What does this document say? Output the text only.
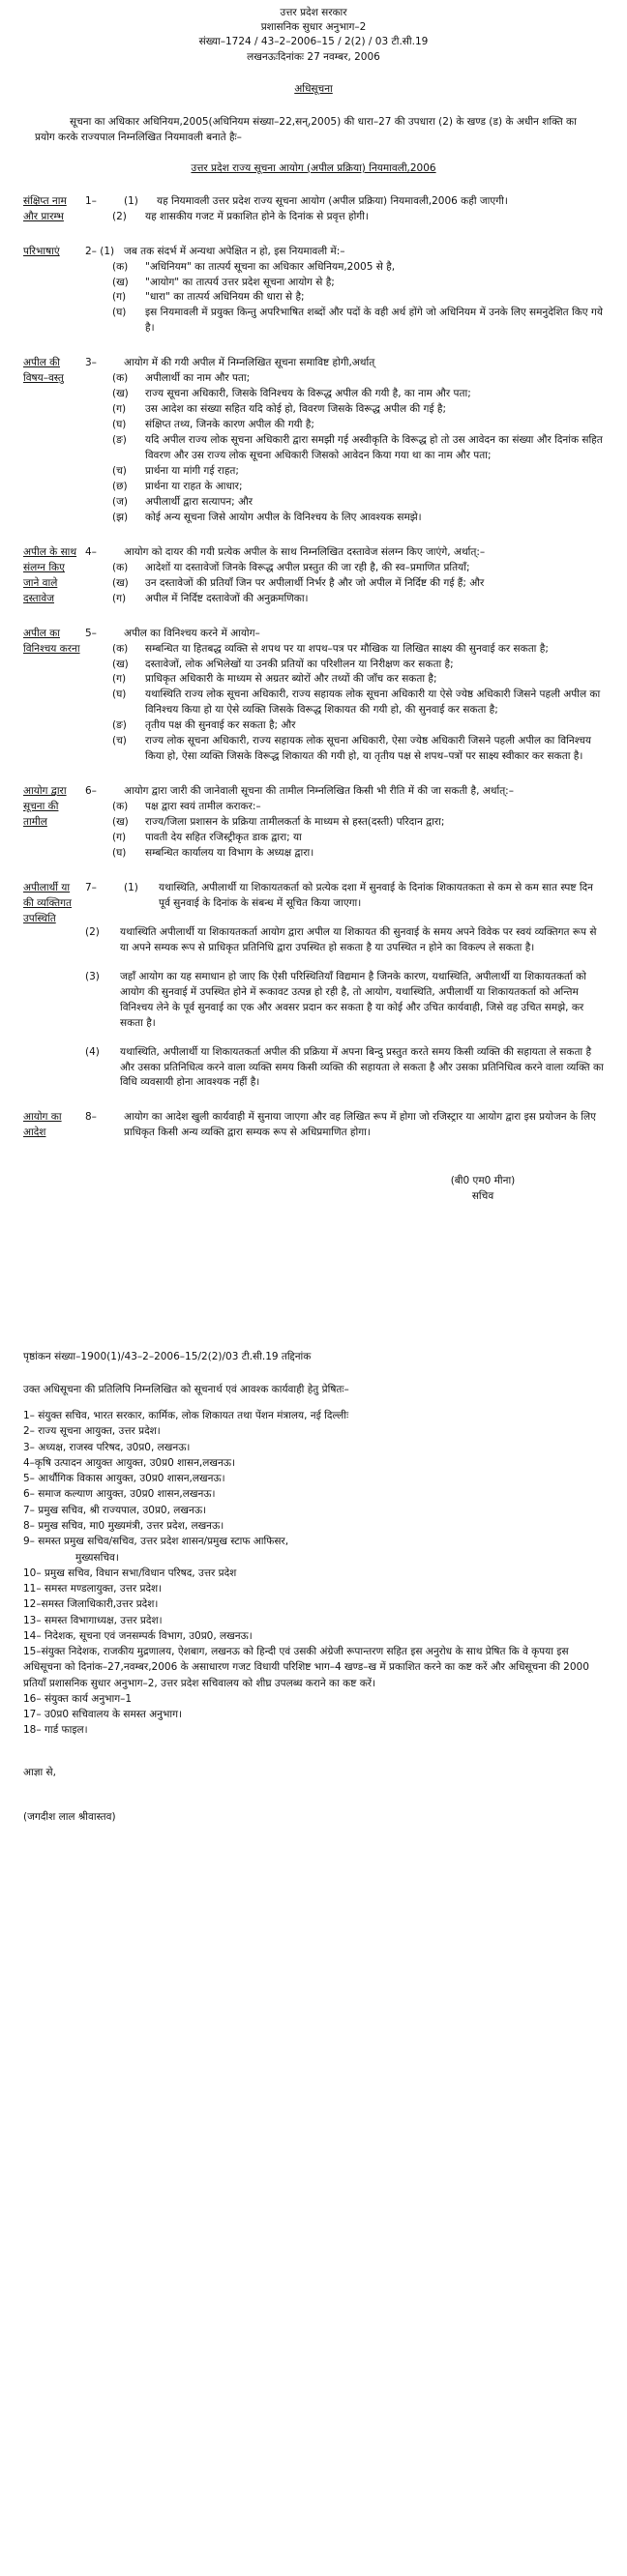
उत्तर प्रदेश सरकार
प्रशासनिक सुधार अनुभाग–2
संख्या–1724 / 43–2–2006–15 / 2(2) / 03 टी.सी.19
लखनऊःदिनांकः 27 नवम्बर, 2006
अधिसूचना
सूचना का अधिकार अधिनियम,2005(अधिनियम संख्या–22,सन्,2005) की धारा–27 की उपधारा (2) के खण्ड (ड) के अधीन शक्ति का प्रयोग करके राज्यपाल निम्नलिखित नियमावली बनाते हैः–
उत्तर प्रदेश राज्य सूचना आयोग (अपील प्रक्रिया) नियमावली,2006
संक्षिप्त नाम और प्रारम्भ
1–	(1)	यह नियमावली उत्तर प्रदेश राज्य सूचना आयोग (अपील प्रक्रिया) नियमावली,2006 कही जाएगी।
(2)	यह शासकीय गजट में प्रकाशित होने के दिनांक से प्रवृत्त होगी।
परिभाषाएं	2– (1) जब तक संदर्भ में अन्यथा अपेक्षित न हो, इस नियमावली में:–
(क)	"अधिनियम" का तात्पर्य सूचना का अधिकार अधिनियम,2005 से है,
(ख)	"आयोग" का तात्पर्य उत्तर प्रदेश सूचना आयोग से है;
(ग)	"धारा" का तात्पर्य अधिनियम की धारा से है;
(घ)	इस नियमावली में प्रयुक्त किन्तु अपरिभाषित शब्दों और पदों के वही अर्थ होंगे जो अधिनियम में उनके लिए समनुदेशित किए गये है।
अपील की विषय–वस्तु
3–	आयोग में की गयी अपील में निम्नलिखित सूचना समाविष्ट होगी,अर्थात्
(क)	अपीलार्थी का नाम और पता;
(ख)	राज्य सूचना अधिकारी, जिसके विनिश्चय के विरूद्ध अपील की गयी है, का नाम और पता;
(ग)	उस आदेश का संख्या सहित यदि कोई हो, विवरण जिसके विरूद्ध अपील की गई है;
(घ)	संक्षिप्त तथ्य, जिनके कारण अपील की गयी है;
(ङ)	यदि अपील राज्य लोक सूचना अधिकारी द्वारा समझी गई अस्वीकृति के विरूद्ध हो तो उस आवेदन का संख्या और दिनांक सहित विवरण और उस राज्य लोक सूचना अधिकारी जिसको आवेदन किया गया था का नाम और पता;
(च)	प्रार्थना या मांगी गई राहत;
(छ)	प्रार्थना या राहत के आधार;
(ज)	अपीलार्थी द्वारा सत्यापन; और
(झ)	कोई अन्य सूचना जिसे आयोग अपील के विनिश्चय के लिए आवश्यक समझे।
अपील के साथ संलग्न किए जाने वाले दस्तावेज
4–	आयोग को दायर की गयी प्रत्येक अपील के साथ निम्नलिखित दस्तावेज संलग्न किए जाएंगे, अर्थात्:–
(क)	आदेशों या दस्तावेजों जिनके विरूद्ध अपील प्रस्तुत की जा रही है, की स्व–प्रमाणित प्रतियाँ;
(ख)	उन दस्तावेजों की प्रतियाँ जिन पर अपीलार्थी निर्भर है और जो अपील में निर्दिष्ट की गई हैं; और
(ग)	अपील में निर्दिष्ट दस्तावेजों की अनुक्रमणिका।
अपील का विनिश्चय करना
5–	अपील का विनिश्चय करने में आयोग–
(क)	सम्बन्धित या हितबद्ध व्यक्ति से शपथ पर या शपथ–पत्र पर मौखिक या लिखित साक्ष्य की सुनवाई कर सकता है;
(ख)	दस्तावेजों, लोक अभिलेखों या उनकी प्रतियों का परिशीलन या निरीक्षण कर सकता है;
(ग)	प्राधिकृत अधिकारी के माध्यम से अग्रतर ब्योरों और तथ्यों की जाँच कर सकता है;
(घ)	यथास्थिति राज्य लोक सूचना अधिकारी, राज्य सहायक लोक सूचना अधिकारी या ऐसे ज्येष्ठ अधिकारी जिसने पहली अपील का विनिश्चय किया हो या ऐसे व्यक्ति जिसके विरूद्ध शिकायत की गयी हो, की सुनवाई कर सकता है;
(ङ)	तृतीय पक्ष की सुनवाई कर सकता है; और
(च)	राज्य लोक सूचना अधिकारी, राज्य सहायक लोक सूचना अधिकारी, ऐसा ज्येष्ठ अधिकारी जिसने पहली अपील का विनिश्चय किया हो, ऐसा व्यक्ति जिसके विरूद्ध शिकायत की गयी हो, या तृतीय पक्ष से शपथ–पत्रों पर साक्ष्य स्वीकार कर सकता है।
आयोग द्वारा सूचना की तामील
6–	आयोग द्वारा जारी की जानेवाली सूचना की तामील निम्नलिखित किसी भी रीति में की जा सकती है, अर्थात्:–
(क)	पक्ष द्वारा स्वयं तामील कराकर:–
(ख)	राज्य/जिला प्रशासन के प्रक्रिया तामीलकर्ता के माध्यम से हस्त(दस्ती) परिदान द्वारा;
(ग)	पावती देय सहित रजिस्ट्रीकृत डाक द्वारा; या
(घ)	सम्बन्धित कार्यालय या विभाग के अध्यक्ष द्वारा।
अपीलार्थी या की व्यक्तिगत उपस्थिति
7–	(1)	यथास्थिति, अपीलार्थी या शिकायतकर्ता को प्रत्येक दशा में सुनवाई के दिनांक शिकायतकता से कम से कम सात स्पष्ट दिन पूर्व सुनवाई के दिनांक के संबन्ध में सूचित किया जाएगा।
(2)	यथास्थिति अपीलार्थी या शिकायतकर्ता आयोग द्वारा अपील या शिकायत की सुनवाई के समय अपने विवेक पर स्वयं व्यक्तिगत रूप से या अपने सम्यक रूप से प्राधिकृत प्रतिनिधि द्वारा उपस्थित हो सकता है या उपस्थित न होने का विकल्प ले सकता है।
(3)	जहाँ आयोग का यह समाधान हो जाए कि ऐसी परिस्थितियाँ विद्यमान है जिनके कारण, यथास्थिति, अपीलार्थी या शिकायतकर्ता को आयोग की सुनवाई में उपस्थित होने में रूकावट उत्पन्न हो रही है, तो आयोग, यथास्थिति, अपीलार्थी या शिकायतकर्ता को अन्तिम विनिश्चय लेने के पूर्व सुनवाई का एक और अवसर प्रदान कर सकता है या कोई और उचित कार्यवाही, जिसे वह उचित समझे, कर सकता है।
(4)	यथास्थिति, अपीलार्थी या शिकायतकर्ता अपील की प्रक्रिया में अपना बिन्दु प्रस्तुत करते समय किसी व्यक्ति की सहायता ले सकता है और उसका प्रतिनिधित्व करने वाला व्यक्ति समय किसी व्यक्ति की सहायता ले सकता है और उसका प्रतिनिधित्व करने वाला व्यक्ति का विधि व्यवसायी होना आवश्यक नहीं है।
आयोग का आदेश
8–	आयोग का आदेश खुली कार्यवाही में सुनाया जाएगा और वह लिखित रूप में होगा जो रजिस्ट्रार या आयोग द्वारा इस प्रयोजन के लिए प्राधिकृत किसी अन्य व्यक्ति द्वारा सम्यक रूप से अधिप्रमाणित होगा।
(बी0 एम0 मीना)
सचिव
पृष्ठांकन संख्या–1900(1)/43–2–2006–15/2(2)/03 टी.सी.19 तद्दिनांक
उक्त अधिसूचना की प्रतिलिपि निम्नलिखित को सूचनार्थ एवं आवश्क कार्यवाही हेतु प्रेषितः–
1– संयुक्त सचिव, भारत सरकार, कार्मिक, लोक शिकायत तथा पेंशन मंत्रालय, नई दिल्लीः
2– राज्य सूचना आयुक्त, उत्तर प्रदेश।
3– अध्यक्ष, राजस्व परिषद, उ0प्र0, लखनऊ।
4–कृषि उत्पादन आयुक्त आयुक्त, उ0प्र0 शासन,लखनऊ।
5– आर्थौगिक विकास आयुक्त, उ0प्र0 शासन,लखनऊ।
6– समाज कल्याण आयुक्त, उ0प्र0 शासन,लखनऊ।
7– प्रमुख सचिव, श्री राज्यपाल, उ0प्र0, लखनऊ।
8– प्रमुख सचिव, मा0 मुख्यमंत्री, उत्तर प्रदेश, लखनऊ।
9– समस्त प्रमुख सचिव/सचिव, उत्तर प्रदेश शासन/प्रमुख स्टाफ आफिसर,
मुख्यसचिव।
10– प्रमुख सचिव, विधान सभा/विधान परिषद, उत्तर प्रदेश
11– समस्त मण्डलायुक्त, उत्तर प्रदेश।
12–समस्त जिलाधिकारी,उत्तर प्रदेश।
13– समस्त विभागाध्यक्ष, उत्तर प्रदेश।
14– निदेशक, सूचना एवं जनसम्पर्क विभाग, उ0प्र0, लखनऊ।
15–संयुक्त निदेशक, राजकीय मुद्रणालय, ऐशबाग, लखनऊ को हिन्दी एवं उसकी अंग्रेजी रूपान्तरण सहित इस अनुरोध के साथ प्रेषित कि वे कृपया इस अधिसूचना को दिनांक–27,नवम्बर,2006 के असाधारण गजट विधायी परिशिष्ट भाग–4 खण्ड–ख में प्रकाशित करने का कष्ट करें और अधिसूचना की 2000 प्रतियाँ प्रशासनिक सुधार अनुभाग–2, उत्तर प्रदेश सचिवालय को शीघ्र उपलब्ध कराने का कष्ट करें।
16– संयुक्त कार्य अनुभाग–1
17– उ0प्र0 सचिवालय के समस्त अनुभाग।
18– गार्ड फाइल।
आज्ञा से,
(जगदीश लाल श्रीवास्तव)
